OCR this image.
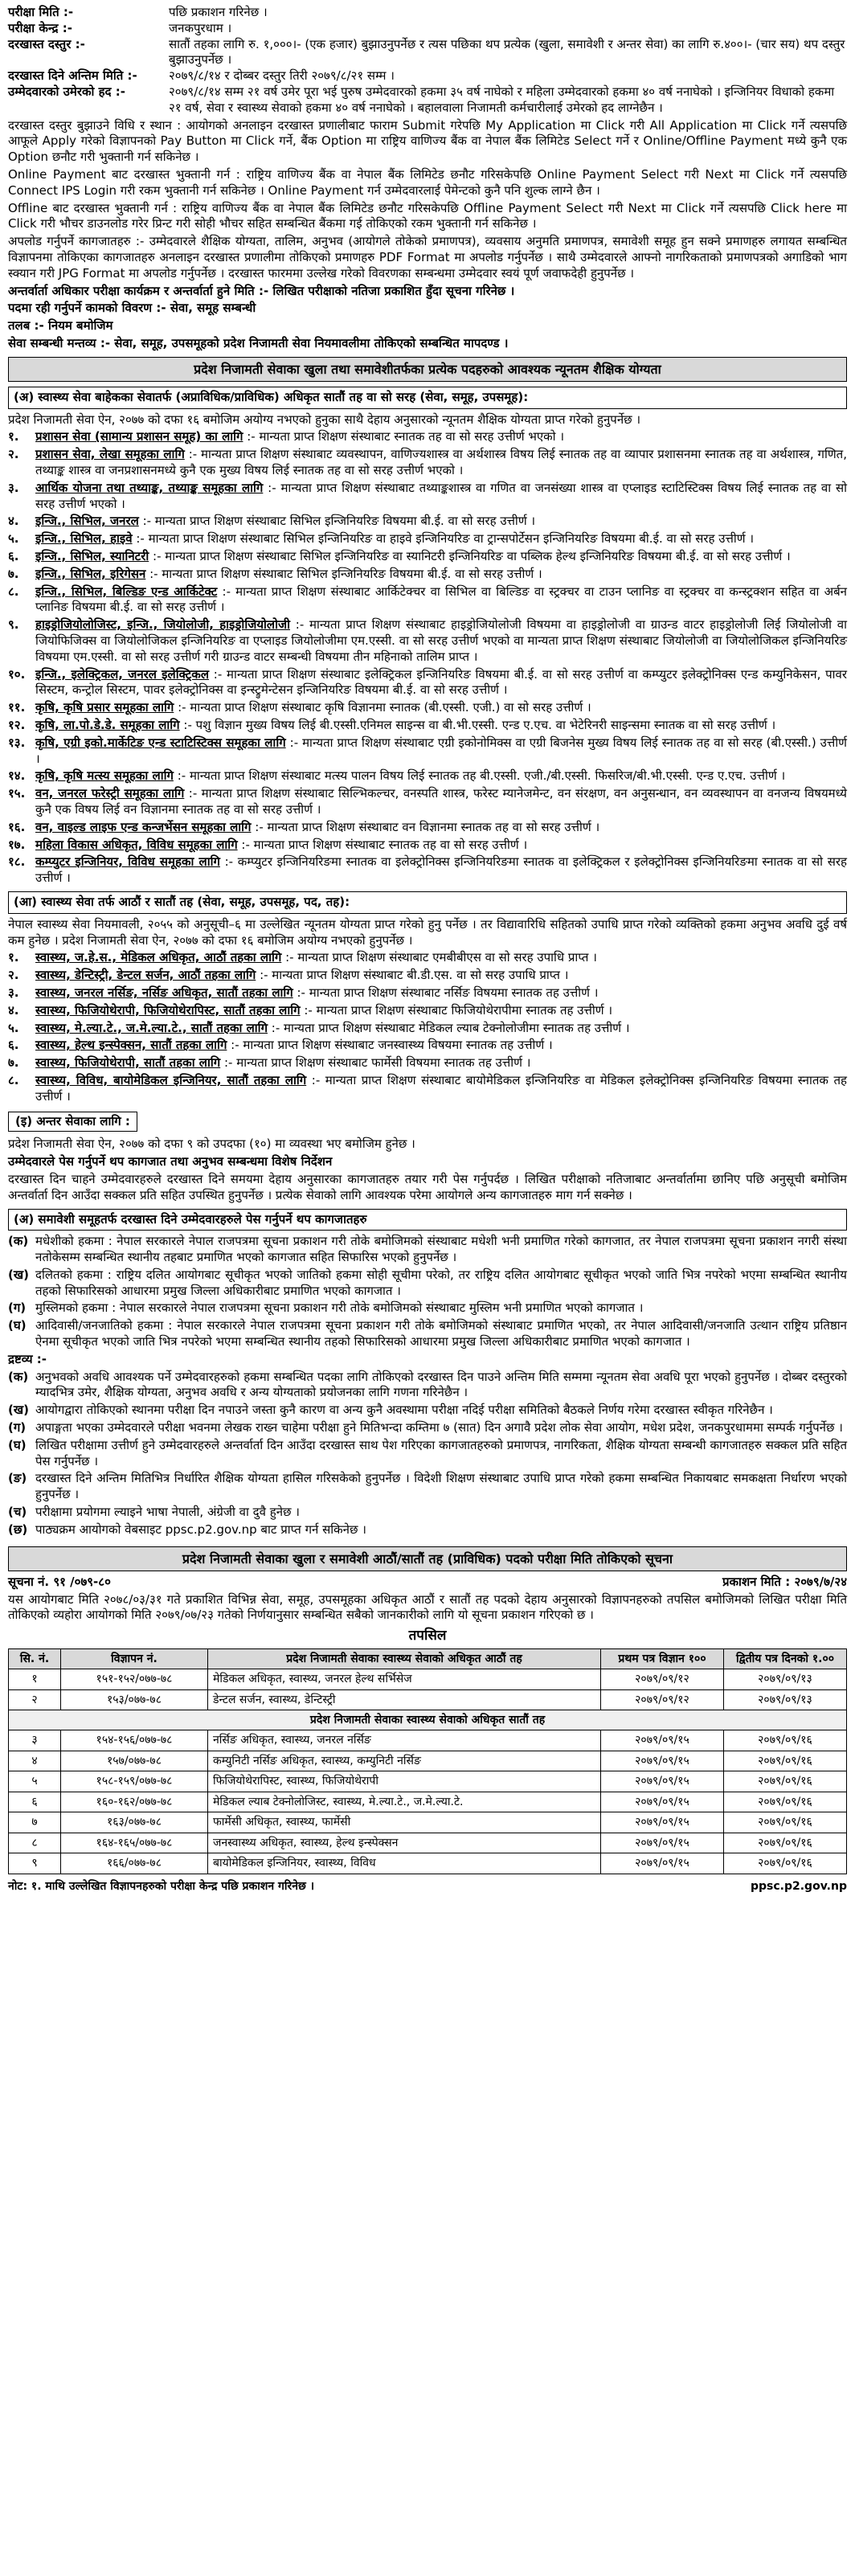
परीक्षा मिति :-	पछि प्रकाशन गरिनेछ ।
परीक्षा केन्द्र :-	जनकपुरधाम ।
दरखास्त दस्तुर :-	सातौं तहका लागि रु. १,०००।- (एक हजार) बुझाउनुपर्नेछ र त्यस पछिका थप प्रत्येक (खुला, समावेशी र अन्तर सेवा) का लागि रु.४००।- (चार सय) थप दस्तुर बुझाउनुपर्नेछ ।
दरखास्त दिने अन्तिम मिति :-	२०७९/८/१४ र दोब्बर दस्तुर तिरी २०७९/८/२१ सम्म ।
उम्मेदवारको उमेरको हद :-	२०७९/८/१४ सम्म २१ वर्ष उमेर पूरा भई पुरुष उम्मेदवारको हकमा ३५ वर्ष नाघेको र महिला उम्मेदवारको हकमा ४० वर्ष ननाघेको । इन्जिनियर विधाको हकमा २१ वर्ष, सेवा र स्वास्थ्य सेवाको हकमा ४० वर्ष ननाघेको । बहालवाला निजामती कर्मचारीलाई उमेरको हद लाग्नेछैन ।

दरखास्त दस्तुर बुझाउने विधि र स्थान : आयोगको अनलाइन दरखास्त प्रणालीबाट फाराम Submit गरेपछि My Application मा Click गरी All Application मा Click गर्ने त्यसपछि आफूले Apply गरेको विज्ञापनको Pay Button मा Click गर्ने, बैंक Option मा राष्ट्रिय वाणिज्य बैंक वा नेपाल बैंक लिमिटेड Select गर्ने र Online/Offline Payment मध्ये कुनै एक Option छनौट गरी भुक्तानी गर्न सकिनेछ ।

Online Payment बाट दरखास्त भुक्तानी गर्न : राष्ट्रिय वाणिज्य बैंक वा नेपाल बैंक लिमिटेड छनौट गरिसकेपछि Online Payment Select गरी Next मा Click गर्ने त्यसपछि Connect IPS Login गरी रकम भुक्तानी गर्न सकिनेछ । Online Payment गर्न उम्मेदवारलाई पेमेन्टको कुनै पनि शुल्क लाग्ने छैन ।

Offline बाट दरखास्त भुक्तानी गर्न : राष्ट्रिय वाणिज्य बैंक वा नेपाल बैंक लिमिटेड छनौट गरिसकेपछि Offline Payment Select गरी Next मा Click गर्ने त्यसपछि Click here मा Click गरी भौचर डाउनलोड गरेर प्रिन्ट गरी सोही भौचर सहित सम्बन्धित बैंकमा गई तोकिएको रकम भुक्तानी गर्न सकिनेछ ।

अपलोड गर्नुपर्ने कागजातहरु :- उम्मेदवारले शैक्षिक योग्यता, तालिम, अनुभव (आयोगले तोकेको प्रमाणपत्र), व्यवसाय अनुमति प्रमाणपत्र, समावेशी समूह हुन सक्ने प्रमाणहरु लगायत सम्बन्धित विज्ञापनमा तोकिएका कागजातहरु अनलाइन दरखास्त प्रणालीमा तोकिएको प्रमाणहरु PDF Format मा अपलोड गर्नुपर्नेछ । साथै उम्मेदवारले आफ्नो नागरिकताको प्रमाणपत्रको अगाडिको भाग स्क्यान गरी JPG Format मा अपलोड गर्नुपर्नेछ । दरखास्त फारममा उल्लेख गरेको विवरणका सम्बन्धमा उम्मेदवार स्वयं पूर्ण जवाफदेही हुनुपर्नेछ ।

अन्तर्वार्ता अधिकार परीक्षा कार्यक्रम र अन्तर्वार्ता हुने मिति :- लिखित परीक्षाको नतिजा प्रकाशित हुँदा सूचना गरिनेछ ।

पदमा रही गर्नुपर्ने कामको विवरण :- सेवा, समूह सम्बन्धी

तलब :- नियम बमोजिम

सेवा सम्बन्धी मन्तव्य :- सेवा, समूह, उपसमूहको प्रदेश निजामती सेवा नियमावलीमा तोकिएको सम्बन्धित मापदण्ड ।

प्रदेश निजामती सेवाका खुला तथा समावेशीतर्फका प्रत्येक पदहरुको आवश्यक न्यूनतम शैक्षिक योग्यता
(अ) स्वास्थ्य सेवा बाहेकका सेवातर्फ (अप्राविधिक/प्राविधिक) अधिकृत सातौं तह वा सो सरह (सेवा, समूह, उपसमूह):

प्रदेश निजामती सेवा ऐन, २०७७ को दफा १६ बमोजिम अयोग्य नभएको हुनुका साथै देहाय अनुसारको न्यूनतम शैक्षिक योग्यता प्राप्त गरेको हुनुपर्नेछ ।

१.	प्रशासन सेवा (सामान्य प्रशासन समूह) का लागि :- मान्यता प्राप्त शिक्षण संस्थाबाट स्नातक तह वा सो सरह उत्तीर्ण भएको ।
२.	प्रशासन सेवा, लेखा समूहका लागि :- मान्यता प्राप्त शिक्षण संस्थाबाट व्यवस्थापन, वाणिज्यशास्त्र वा अर्थशास्त्र विषय लिई स्नातक तह वा व्यापार प्रशासनमा स्नातक तह वा अर्थशास्त्र, गणित, तथ्याङ्क शास्त्र वा जनप्रशासनमध्ये कुनै एक मुख्य विषय लिई स्नातक तह वा सो सरह उत्तीर्ण भएको ।
३.	आर्थिक योजना तथा तथ्याङ्क, तथ्याङ्क समूहका लागि :- मान्यता प्राप्त शिक्षण संस्थाबाट तथ्याङ्कशास्त्र वा गणित वा जनसंख्या शास्त्र वा एप्लाइड स्टाटिस्टिक्स विषय लिई स्नातक तह वा सो सरह उत्तीर्ण भएको ।
४.	इन्जि., सिभिल, जनरल :- मान्यता प्राप्त शिक्षण संस्थाबाट सिभिल इन्जिनियरिङ विषयमा बी.ई. वा सो सरह उत्तीर्ण ।
५.	इन्जि., सिभिल, हाइवे :- मान्यता प्राप्त शिक्षण संस्थाबाट सिभिल इन्जिनियरिङ वा हाइवे इन्जिनियरिङ वा ट्रान्सपोर्टेसन इन्जिनियरिङ विषयमा बी.ई. वा सो सरह उत्तीर्ण ।
६.	इन्जि., सिभिल, स्यानिटरी :- मान्यता प्राप्त शिक्षण संस्थाबाट सिभिल इन्जिनियरिङ वा स्यानिटरी इन्जिनियरिङ वा पब्लिक हेल्थ इन्जिनियरिङ विषयमा बी.ई. वा सो सरह उत्तीर्ण ।
७.	इन्जि., सिभिल, इरिगेसन :- मान्यता प्राप्त शिक्षण संस्थाबाट सिभिल इन्जिनियरिङ विषयमा बी.ई. वा सो सरह उत्तीर्ण ।
८.	इन्जि., सिभिल, बिल्डिङ एन्ड आर्किटेक्ट :- मान्यता प्राप्त शिक्षण संस्थाबाट आर्किटेक्चर वा सिभिल वा बिल्डिङ वा स्ट्रक्चर वा टाउन प्लानिङ वा स्ट्रक्चर वा कन्स्ट्रक्शन सहित वा अर्बन प्लानिङ विषयमा बी.ई. वा सो सरह उत्तीर्ण ।
९.	हाइड्रोजियोलोजिस्ट, इन्जि., जियोलोजी, हाइड्रोजियोलोजी :- मान्यता प्राप्त शिक्षण संस्थाबाट हाइड्रोजियोलोजी विषयमा वा हाइड्रोलोजी वा ग्राउन्ड वाटर हाइड्रोलोजी लिई जियोलोजी वा जियोफिजिक्स वा जियोलोजिकल इन्जिनियरिङ वा एप्लाइड जियोलोजीमा एम.एस्सी. वा सो सरह उत्तीर्ण भएको वा मान्यता प्राप्त शिक्षण संस्थाबाट जियोलोजी वा जियोलोजिकल इन्जिनियरिङ विषयमा एम.एस्सी. वा सो सरह उत्तीर्ण गरी ग्राउन्ड वाटर सम्बन्धी विषयमा तीन महिनाको तालिम प्राप्त ।
१०. इन्जि., इलेक्ट्रिकल, जनरल इलेक्ट्रिकल :- मान्यता प्राप्त शिक्षण संस्थाबाट इलेक्ट्रिकल इन्जिनियरिङ विषयमा बी.ई. वा सो सरह उत्तीर्ण वा कम्प्युटर इलेक्ट्रोनिक्स एन्ड कम्युनिकेसन, पावर सिस्टम, कन्ट्रोल सिस्टम, पावर इलेक्ट्रोनिक्स वा इन्स्ट्रुमेन्टेसन इन्जिनियरिङ विषयमा बी.ई. वा सो सरह उत्तीर्ण ।
११. कृषि, कृषि प्रसार समूहका लागि :- मान्यता प्राप्त शिक्षण संस्थाबाट कृषि विज्ञानमा स्नातक (बी.एस्सी. एजी.) वा सो सरह उत्तीर्ण ।
१२. कृषि, ला.पो.डे.डे. समूहका लागि :- पशु विज्ञान मुख्य विषय लिई बी.एस्सी.एनिमल साइन्स वा बी.भी.एस्सी. एन्ड ए.एच. वा भेटेरिनरी साइन्समा स्नातक वा सो सरह उत्तीर्ण ।
१३. कृषि, एग्री इको.मार्केटिङ एन्ड स्टाटिस्टिक्स समूहका लागि :- मान्यता प्राप्त शिक्षण संस्थाबाट एग्री इकोनोमिक्स वा एग्री बिजनेस मुख्य विषय लिई स्नातक तह वा सो सरह (बी.एस्सी.) उत्तीर्ण ।
१४. कृषि, कृषि मत्स्य समूहका लागि :- मान्यता प्राप्त शिक्षण संस्थाबाट मत्स्य पालन विषय लिई स्नातक तह बी.एस्सी. एजी./बी.एस्सी. फिसरिज/बी.भी.एस्सी. एन्ड ए.एच. उत्तीर्ण ।
१५. वन, जनरल फरेस्ट्री समूहका लागि :- मान्यता प्राप्त शिक्षण संस्थाबाट सिल्भिकल्चर, वनस्पति शास्त्र, फरेस्ट म्यानेजमेन्ट, वन संरक्षण, वन अनुसन्धान, वन व्यवस्थापन वा वनजन्य विषयमध्ये कुनै एक विषय लिई वन विज्ञानमा स्नातक तह वा सो सरह उत्तीर्ण ।
१६. वन, वाइल्ड लाइफ एन्ड कन्जर्भेसन समूहका लागि :- मान्यता प्राप्त शिक्षण संस्थाबाट वन विज्ञानमा स्नातक तह वा सो सरह उत्तीर्ण ।
१७. महिला विकास अधिकृत, विविध समूहका लागि :- मान्यता प्राप्त शिक्षण संस्थाबाट स्नातक तह वा सो सरह उत्तीर्ण ।
१८. कम्प्युटर इन्जिनियर, विविध समूहका लागि :- कम्प्युटर इन्जिनियरिङमा स्नातक वा इलेक्ट्रोनिक्स इन्जिनियरिङमा स्नातक वा इलेक्ट्रिकल र इलेक्ट्रोनिक्स इन्जिनियरिङमा स्नातक वा सो सरह उत्तीर्ण ।
(आ) स्वास्थ्य सेवा तर्फ आठौं र सातौं तह (सेवा, समूह, उपसमूह, पद, तह):

नेपाल स्वास्थ्य सेवा नियमावली, २०५५ को अनुसूची–६ मा उल्लेखित न्यूनतम योग्यता प्राप्त गरेको हुनु पर्नेछ । तर विद्यावारिधि सहितको उपाधि प्राप्त गरेको व्यक्तिको हकमा अनुभव अवधि दुई वर्ष कम हुनेछ । प्रदेश निजामती सेवा ऐन, २०७७ को दफा १६ बमोजिम अयोग्य नभएको हुनुपर्नेछ ।

१.	स्वास्थ्य, ज.हे.स., मेडिकल अधिकृत, आठौं तहका लागि :- मान्यता प्राप्त शिक्षण संस्थाबाट एमबीबीएस वा सो सरह उपाधि प्राप्त ।
२.	स्वास्थ्य, डेन्टिस्ट्री, डेन्टल सर्जन, आठौं तहका लागि :- मान्यता प्राप्त शिक्षण संस्थाबाट बी.डी.एस. वा सो सरह उपाधि प्राप्त ।
३.	स्वास्थ्य, जनरल नर्सिङ, नर्सिङ अधिकृत, सातौं तहका लागि :- मान्यता प्राप्त शिक्षण संस्थाबाट नर्सिङ विषयमा स्नातक तह उत्तीर्ण ।
४.	स्वास्थ्य, फिजियोथेरापी, फिजियोथेरापिस्ट, सातौं तहका लागि :- मान्यता प्राप्त शिक्षण संस्थाबाट फिजियोथेरापीमा स्नातक तह उत्तीर्ण ।
५.	स्वास्थ्य, मे.ल्या.टे., ज.मे.ल्या.टे., सातौं तहका लागि :- मान्यता प्राप्त शिक्षण संस्थाबाट मेडिकल ल्याब टेक्नोलोजीमा स्नातक तह उत्तीर्ण ।
६.	स्वास्थ्य, हेल्थ इन्स्पेक्सन, सातौं तहका लागि :- मान्यता प्राप्त शिक्षण संस्थाबाट जनस्वास्थ्य विषयमा स्नातक तह उत्तीर्ण ।
७.	स्वास्थ्य, फिजियोथेरापी, सातौं तहका लागि :- मान्यता प्राप्त शिक्षण संस्थाबाट फार्मेसी विषयमा स्नातक तह उत्तीर्ण ।
८.	स्वास्थ्य, विविध, बायोमेडिकल इन्जिनियर, सातौं तहका लागि :- मान्यता प्राप्त शिक्षण संस्थाबाट बायोमेडिकल इन्जिनियरिङ वा मेडिकल इलेक्ट्रोनिक्स इन्जिनियरिङ विषयमा स्नातक तह उत्तीर्ण ।
(इ) अन्तर सेवाका लागि :

प्रदेश निजामती सेवा ऐन, २०७७ को दफा ९ को उपदफा (१०) मा व्यवस्था भए बमोजिम हुनेछ ।

उम्मेदवारले पेस गर्नुपर्ने थप कागजात तथा अनुभव सम्बन्धमा विशेष निर्देशन

दरखास्त दिन चाहने उम्मेदवारहरुले दरखास्त दिने समयमा देहाय अनुसारका कागजातहरु तयार गरी पेस गर्नुपर्दछ । लिखित परीक्षाको नतिजाबाट अन्तर्वार्तामा छानिए पछि अनुसूची बमोजिम अन्तर्वार्ता दिन आउँदा सक्कल प्रति सहित उपस्थित हुनुपर्नेछ । प्रत्येक सेवाको लागि आवश्यक परेमा आयोगले अन्य कागजातहरु माग गर्न सक्नेछ ।

(अ) समावेशी समूहतर्फ दरखास्त दिने उम्मेदवारहरुले पेस गर्नुपर्ने थप कागजातहरु
(क) मधेशीको हकमा : नेपाल सरकारले नेपाल राजपत्रमा सूचना प्रकाशन गरी तोके बमोजिमको संस्थाबाट मधेशी भनी प्रमाणित गरेको कागजात, तर नेपाल राजपत्रमा सूचना प्रकाशन नगरी संस्था नतोकेसम्म सम्बन्धित स्थानीय तहबाट प्रमाणित भएको कागजात सहित सिफारिस भएको हुनुपर्नेछ ।
(ख) दलितको हकमा : राष्ट्रिय दलित आयोगबाट सूचीकृत भएको जातिको हकमा सोही सूचीमा परेको, तर राष्ट्रिय दलित आयोगबाट सूचीकृत भएको जाति भित्र नपरेको भएमा सम्बन्धित स्थानीय तहको सिफारिसको आधारमा प्रमुख जिल्ला अधिकारीबाट प्रमाणित भएको कागजात ।
(ग) मुस्लिमको हकमा : नेपाल सरकारले नेपाल राजपत्रमा सूचना प्रकाशन गरी तोके बमोजिमको संस्थाबाट मुस्लिम भनी प्रमाणित भएको कागजात ।
(घ) आदिवासी/जनजातिको हकमा : नेपाल सरकारले नेपाल राजपत्रमा सूचना प्रकाशन गरी तोके बमोजिमको संस्थाबाट प्रमाणित भएको, तर नेपाल आदिवासी/जनजाति उत्थान राष्ट्रिय प्रतिष्ठान ऐनमा सूचीकृत भएको जाति भित्र नपरेको भएमा सम्बन्धित स्थानीय तहको सिफारिसको आधारमा प्रमुख जिल्ला अधिकारीबाट प्रमाणित भएको कागजात ।

द्रष्टव्य :-

(क) अनुभवको अवधि आवश्यक पर्ने उम्मेदवारहरुको हकमा सम्बन्धित पदका लागि तोकिएको दरखास्त दिन पाउने अन्तिम मिति सम्ममा न्यूनतम सेवा अवधि पूरा भएको हुनुपर्नेछ । दोब्बर दस्तुरको म्यादभित्र उमेर, शैक्षिक योग्यता, अनुभव अवधि र अन्य योग्यताको प्रयोजनका लागि गणना गरिनेछैन ।
(ख) आयोगद्वारा तोकिएको स्थानमा परीक्षा दिन नपाउने जस्ता कुनै कारण वा अन्य कुनै अवस्थामा परीक्षा नदिई परीक्षा समितिको बैठकले निर्णय गरेमा दरखास्त स्वीकृत गरिनेछैन ।
(ग) अपाङ्गता भएका उम्मेदवारले परीक्षा भवनमा लेखक राख्न चाहेमा परीक्षा हुने मितिभन्दा कम्तिमा ७ (सात) दिन अगावै प्रदेश लोक सेवा आयोग, मधेश प्रदेश, जनकपुरधाममा सम्पर्क गर्नुपर्नेछ ।
(घ) लिखित परीक्षामा उत्तीर्ण हुने उम्मेदवारहरुले अन्तर्वार्ता दिन आउँदा दरखास्त साथ पेश गरिएका कागजातहरुको प्रमाणपत्र, नागरिकता, शैक्षिक योग्यता सम्बन्धी कागजातहरु सक्कल प्रति सहित पेस गर्नुपर्नेछ ।
(ङ) दरखास्त दिने अन्तिम मितिभित्र निर्धारित शैक्षिक योग्यता हासिल गरिसकेको हुनुपर्नेछ । विदेशी शिक्षण संस्थाबाट उपाधि प्राप्त गरेको हकमा सम्बन्धित निकायबाट समकक्षता निर्धारण भएको हुनुपर्नेछ ।
(च) परीक्षामा प्रयोगमा ल्याइने भाषा नेपाली, अंग्रेजी वा दुवै हुनेछ ।
(छ) पाठ्यक्रम आयोगको वेबसाइट ppsc.p2.gov.np बाट प्राप्त गर्न सकिनेछ ।
प्रदेश निजामती सेवाका खुला र समावेशी आठौं/सातौं तह (प्राविधिक) पदको परीक्षा मिति तोकिएको सूचना
सूचना नं. ९१ /०७९-८०	प्रकाशन मिति : २०७९/७/२४

यस आयोगबाट मिति २०७८/०३/३१ गते प्रकाशित विभिन्न सेवा, समूह, उपसमूहका अधिकृत आठौं र सातौं तह पदको देहाय अनुसारको विज्ञापनहरुको तपसिल बमोजिमको लिखित परीक्षा मिति तोकिएको व्यहोरा आयोगको मिति २०७९/०७/२३ गतेको निर्णयानुसार सम्बन्धित सबैको जानकारीको लागि यो सूचना प्रकाशन गरिएको छ ।

तपसिल
सि. नं.	विज्ञापन नं.	प्रदेश निजामती सेवाका स्वास्थ्य सेवाको अधिकृत आठौं तह	प्रथम पत्र विज्ञान १००	द्वितीय पत्र दिनको १.००
१	१५१-१५२/०७७-७८	मेडिकल अधिकृत, स्वास्थ्य, जनरल हेल्थ सर्भिसेज	२०७९/०९/१२	२०७९/०९/१३
२	१५३/०७७-७८	डेन्टल सर्जन, स्वास्थ्य, डेन्टिस्ट्री	२०७९/०९/१२	२०७९/०९/१३
प्रदेश निजामती सेवाका स्वास्थ्य सेवाको अधिकृत सातौं तह				
३	१५४-१५६/०७७-७८	नर्सिङ अधिकृत, स्वास्थ्य, जनरल नर्सिङ	२०७९/०९/१५	२०७९/०९/१६
४	१५७/०७७-७८	कम्युनिटी नर्सिङ अधिकृत, स्वास्थ्य, कम्युनिटी नर्सिङ	२०७९/०९/१५	२०७९/०९/१६
५	१५८-१५९/०७७-७८	फिजियोथेरापिस्ट, स्वास्थ्य, फिजियोथेरापी	२०७९/०९/१५	२०७९/०९/१६
६	१६०-१६२/०७७-७८	मेडिकल ल्याब टेक्नोलोजिस्ट, स्वास्थ्य, मे.ल्या.टे., ज.मे.ल्या.टे.	२०७९/०९/१५	२०७९/०९/१६
७	१६३/०७७-७८	फार्मेसी अधिकृत, स्वास्थ्य, फार्मेसी	२०७९/०९/१५	२०७९/०९/१६
८	१६४-१६५/०७७-७८	जनस्वास्थ्य अधिकृत, स्वास्थ्य, हेल्थ इन्स्पेक्सन	२०७९/०९/१५	२०७९/०९/१६
९	१६६/०७७-७८	बायोमेडिकल इन्जिनियर, स्वास्थ्य, विविध	२०७९/०९/१५	२०७९/०९/१६
नोट: १. माथि उल्लेखित विज्ञापनहरुको परीक्षा केन्द्र पछि प्रकाशन गरिनेछ ।	ppsc.p2.gov.np
